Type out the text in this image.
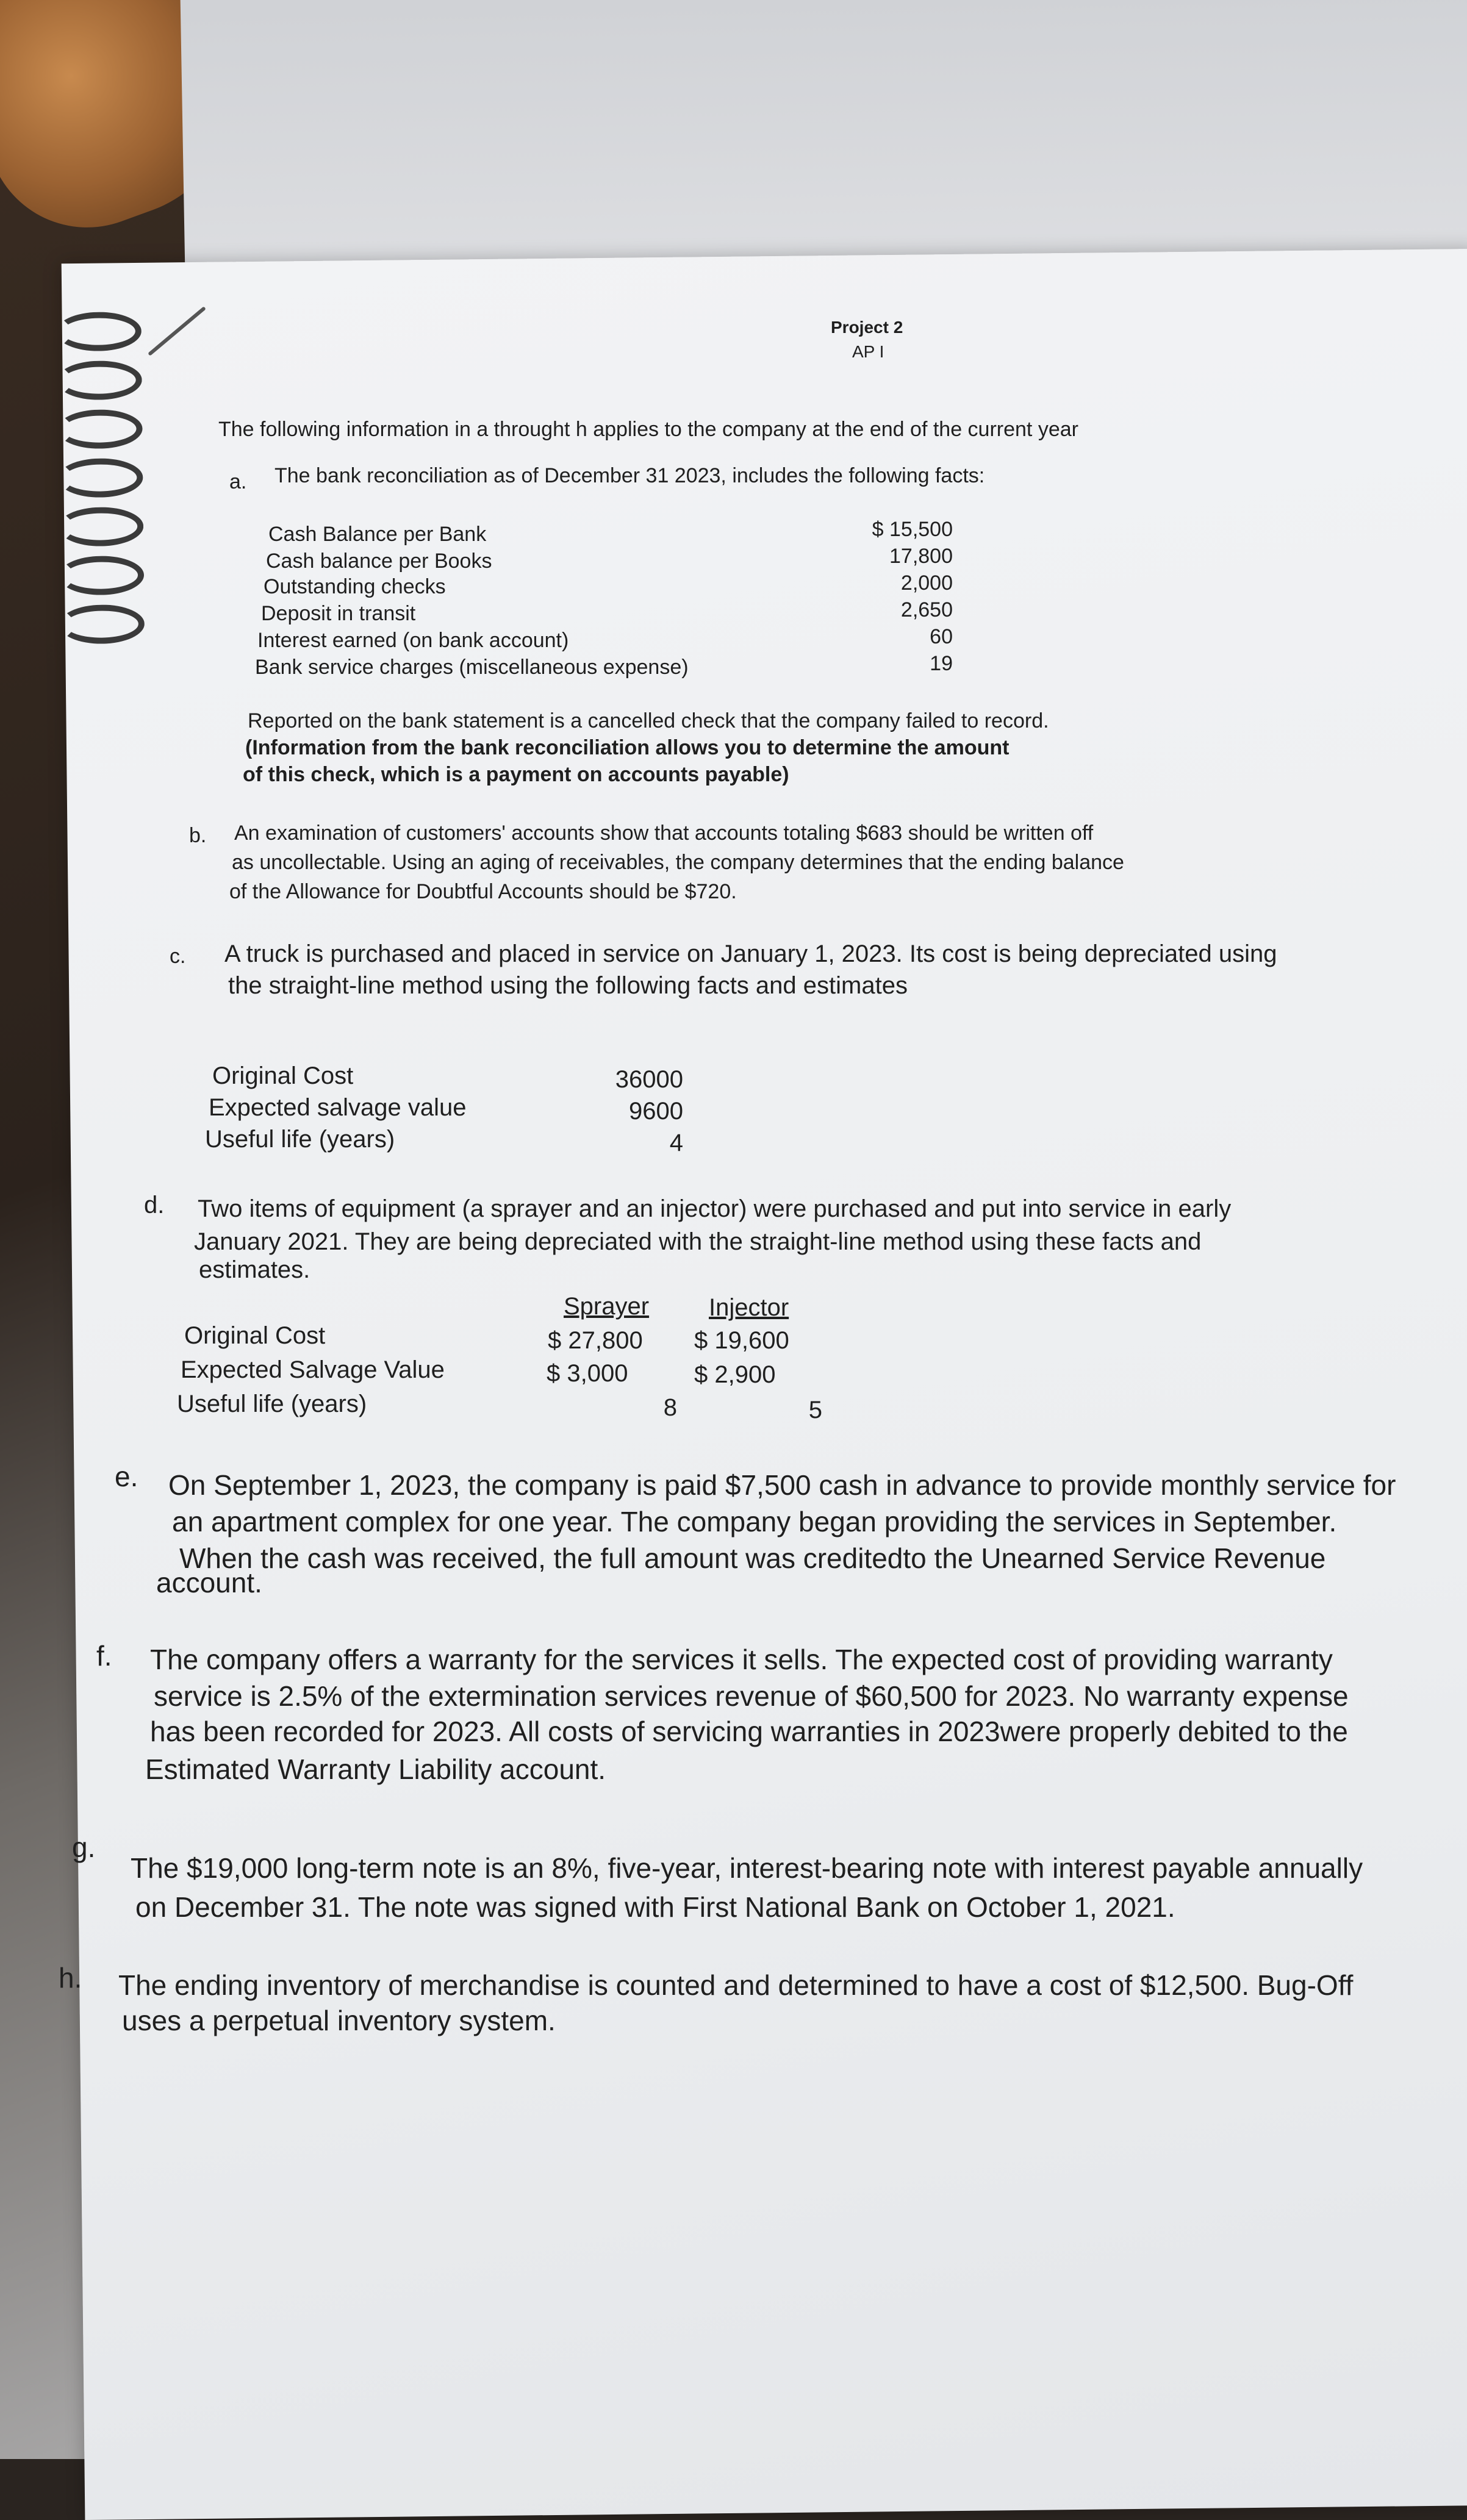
Project 2
AP I
The following information in a throught h applies to the company at the end of the current year
a. The bank reconciliation as of December 31 2023, includes the following facts:
Cash Balance per Bank
Cash balance per Books
Outstanding checks
Deposit in transit
Interest earned (on bank account)
Bank service charges (miscellaneous expense)
$ 15,500
17,800
2,000
2,650
60
19
Reported on the bank statement is a cancelled check that the company failed to record.
(Information from the bank reconciliation allows you to determine the amount
of this check, which is a payment on accounts payable)
b. An examination of customers' accounts show that accounts totaling $683 should be written off
as uncollectable. Using an aging of receivables, the company determines that the ending balance
of the Allowance for Doubtful Accounts should be $720.
c. A truck is purchased and placed in service on January 1, 2023. Its cost is being depreciated using
the straight-line method using the following facts and estimates
Original Cost
Expected salvage value
Useful life (years)
36000
9600
4
d. Two items of equipment (a sprayer and an injector) were purchased and put into service in early
January 2021. They are being depreciated with the straight-line method using these facts and
estimates.
Sprayer Injector
Original Cost
Expected Salvage Value
Useful life (years)
$ 27,800
$ 3,000
8
$ 19,600
$ 2,900
5
e. On September 1, 2023, the company is paid $7,500 cash in advance to provide monthly service for
an apartment complex for one year. The company began providing the services in September.
When the cash was received, the full amount was creditedto the Unearned Service Revenue
account.
f. The company offers a warranty for the services it sells. The expected cost of providing warranty
service is 2.5% of the extermination services revenue of $60,500 for 2023. No warranty expense
has been recorded for 2023. All costs of servicing warranties in 2023were properly debited to the
Estimated Warranty Liability account.
g.
The $19,000 long-term note is an 8%, five-year, interest-bearing note with interest payable annually
on December 31. The note was signed with First National Bank on October 1, 2021.
h. The ending inventory of merchandise is counted and determined to have a cost of $12,500. Bug-Off
uses a perpetual inventory system.
